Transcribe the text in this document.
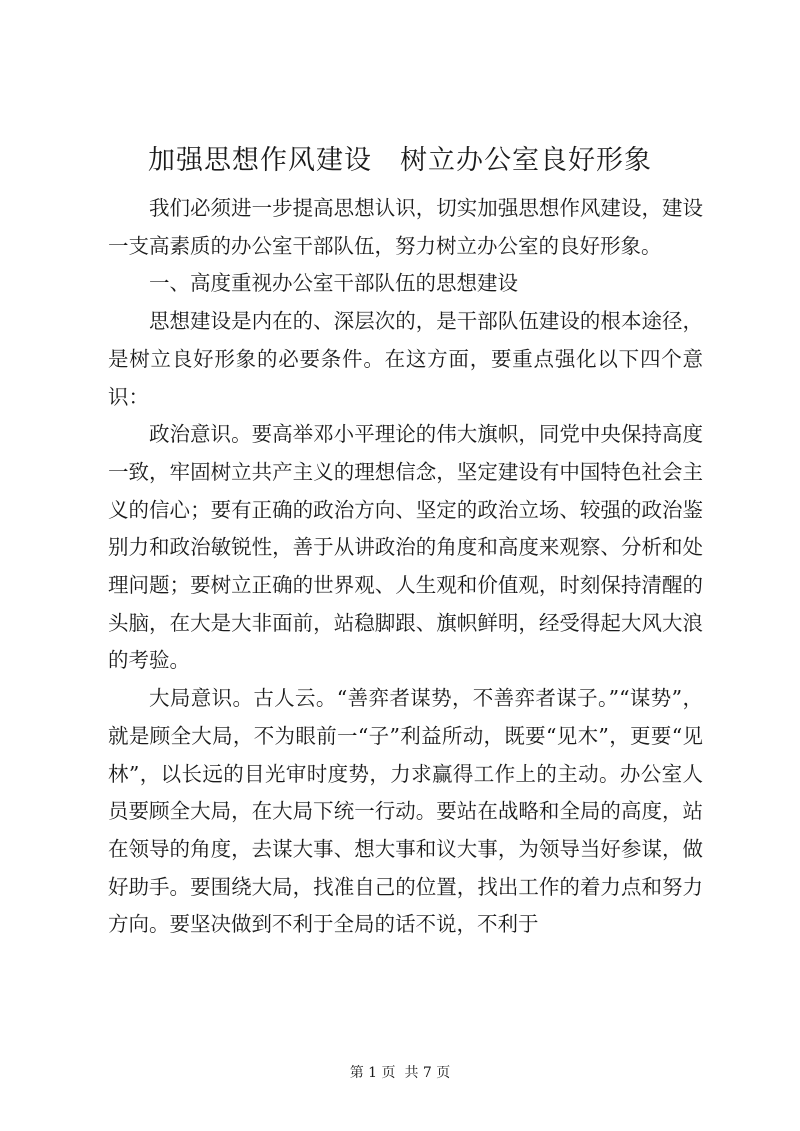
加强思想作风建设　树立办公室良好形象

我们必须进一步提高思想认识，切实加强思想作风建设，建设一支高素质的办公室干部队伍，努力树立办公室的良好形象。

一、高度重视办公室干部队伍的思想建设

思想建设是内在的、深层次的，是干部队伍建设的根本途径，是树立良好形象的必要条件。在这方面，要重点强化以下四个意识：

政治意识。要高举邓小平理论的伟大旗帜，同党中央保持高度一致，牢固树立共产主义的理想信念，坚定建设有中国特色社会主义的信心；要有正确的政治方向、坚定的政治立场、较强的政治鉴别力和政治敏锐性，善于从讲政治的角度和高度来观察、分析和处理问题；要树立正确的世界观、人生观和价值观，时刻保持清醒的头脑，在大是大非面前，站稳脚跟、旗帜鲜明，经受得起大风大浪的考验。

大局意识。古人云。“善弈者谋势，不善弈者谋子。”“谋势”，就是顾全大局，不为眼前一“子”利益所动，既要“见木”，更要“见林”，以长远的目光审时度势，力求赢得工作上的主动。办公室人员要顾全大局，在大局下统一行动。要站在战略和全局的高度，站在领导的角度，去谋大事、想大事和议大事，为领导当好参谋，做好助手。要围绕大局，找准自己的位置，找出工作的着力点和努力方向。要坚决做到不利于全局的话不说，不利于

第 1 页  共 7 页
